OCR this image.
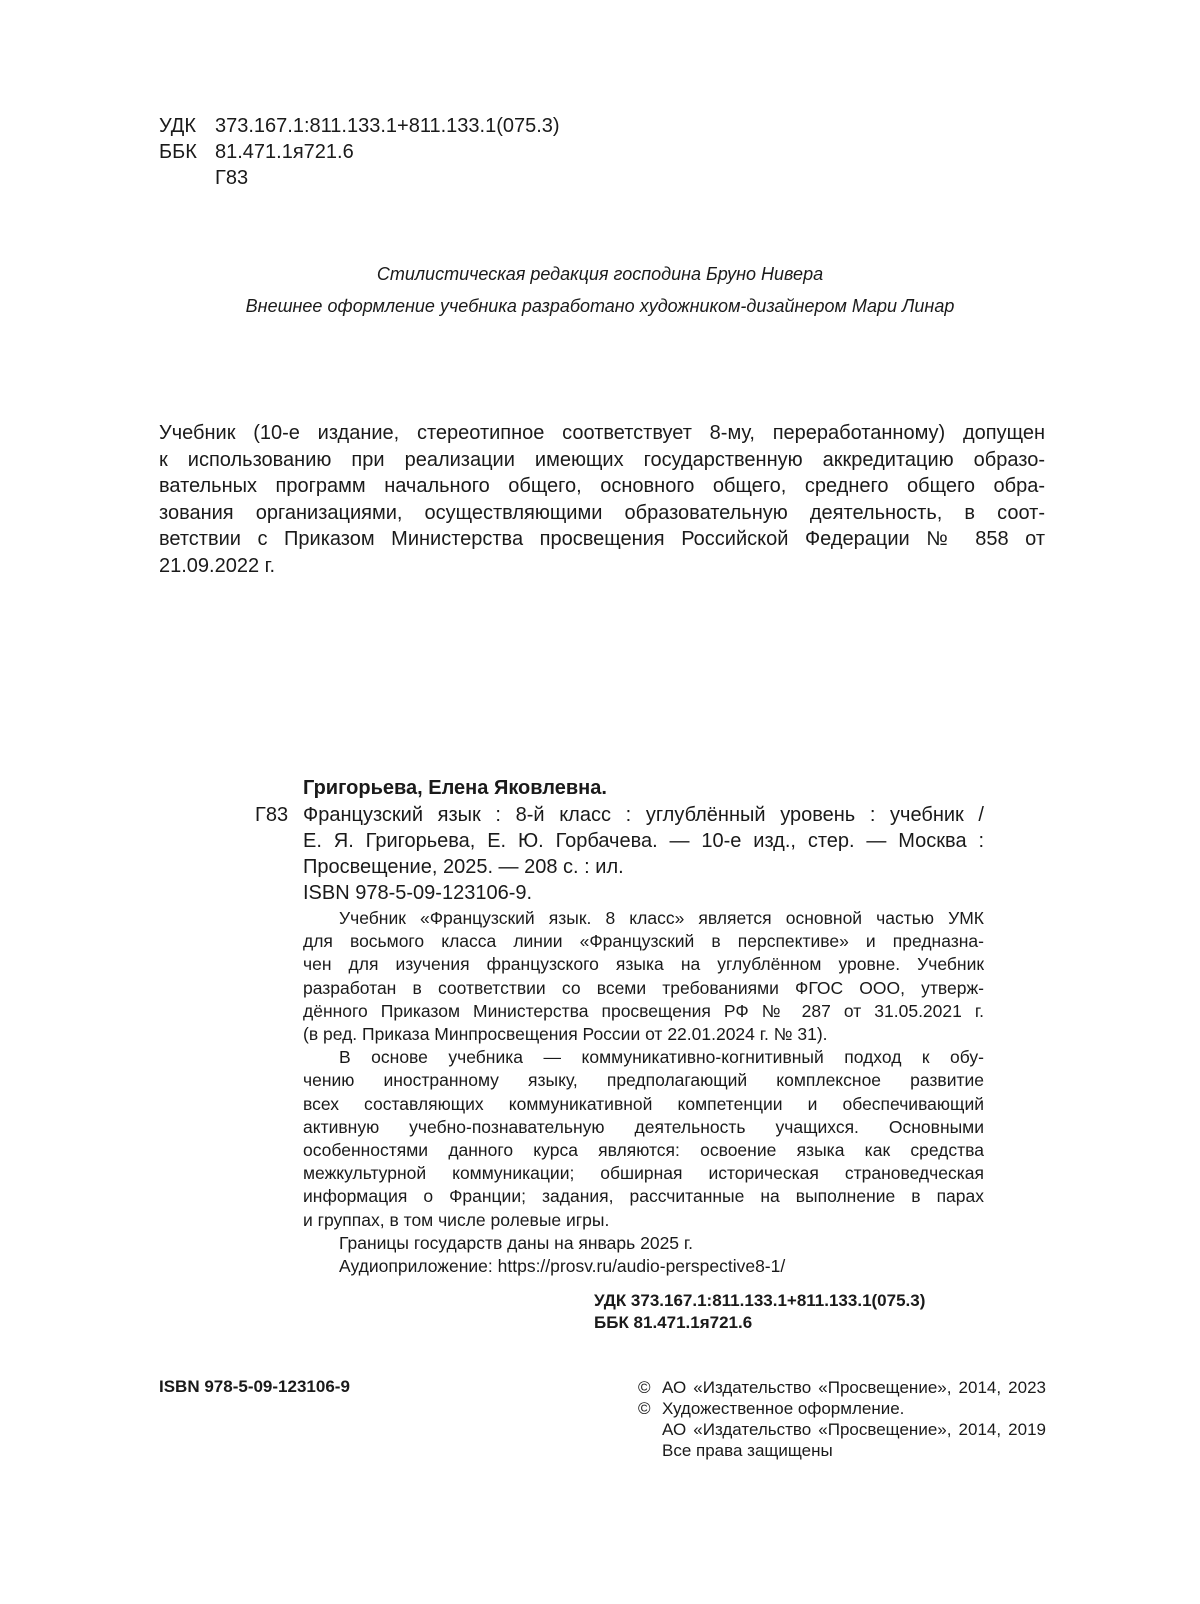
УДК 373.167.1:811.133.1+811.133.1(075.3)
ББК 81.471.1я721.6
Г83
Стилистическая редакция господина Бруно Нивера
Внешнее оформление учебника разработано художником-дизайнером Мари Линар
Учебник (10-е издание, стереотипное соответствует 8-му, переработанному) допущен
к использованию при реализации имеющих государственную аккредитацию образо-
вательных программ начального общего, основного общего, среднего общего обра-
зования организациями, осуществляющими образовательную деятельность, в соот-
ветствии с Приказом Министерства просвещения Российской Федерации № 858 от
21.09.2022 г.
Григорьева, Елена Яковлевна.
Г83 Французский язык : 8-й класс : углублённый уровень : учебник /
Е. Я. Григорьева, Е. Ю. Горбачева. — 10-е изд., стер. — Москва :
Просвещение, 2025. — 208 с. : ил.
ISBN 978-5-09-123106-9.
Учебник «Французский язык. 8 класс» является основной частью УМК
для восьмого класса линии «Французский в перспективе» и предназна-
чен для изучения французского языка на углублённом уровне. Учебник
разработан в соответствии со всеми требованиями ФГОС ООО, утверж-
дённого Приказом Министерства просвещения РФ № 287 от 31.05.2021 г.
(в ред. Приказа Минпросвещения России от 22.01.2024 г. № 31).
В основе учебника — коммуникативно-когнитивный подход к обу-
чению иностранному языку, предполагающий комплексное развитие
всех составляющих коммуникативной компетенции и обеспечивающий
активную учебно-познавательную деятельность учащихся. Основными
особенностями данного курса являются: освоение языка как средства
межкультурной коммуникации; обширная историческая страноведческая
информация о Франции; задания, рассчитанные на выполнение в парах
и группах, в том числе ролевые игры.
Границы государств даны на январь 2025 г.
Аудиоприложение: https://prosv.ru/audio-perspective8-1/
УДК 373.167.1:811.133.1+811.133.1(075.3)
ББК 81.471.1я721.6
ISBN 978-5-09-123106-9	© АО «Издательство «Просвещение», 2014, 2023
© Художественное оформление.
АО «Издательство «Просвещение», 2014, 2019
Все права защищены
